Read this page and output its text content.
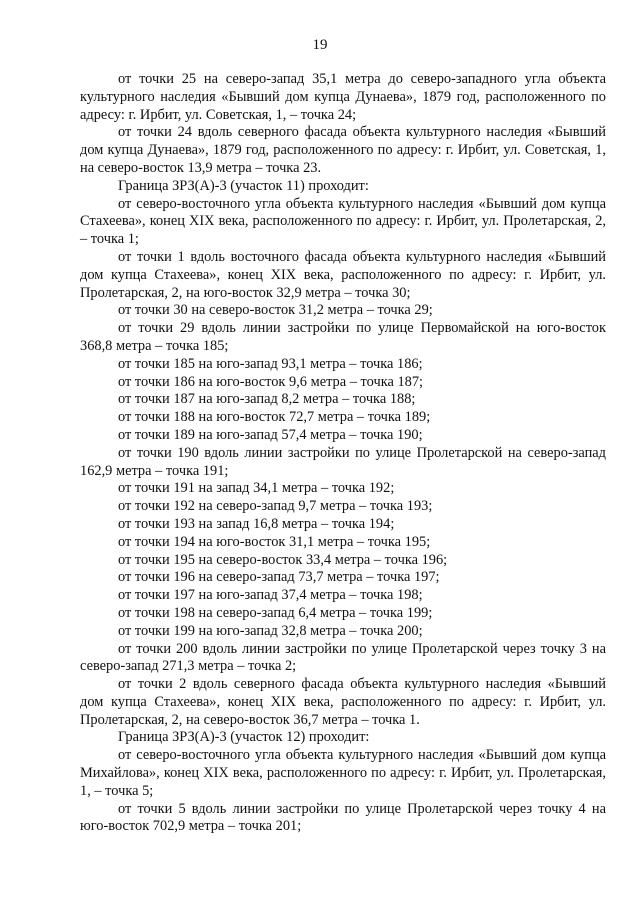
19

от точки 25 на северо-запад 35,1 метра до северо-западного угла объекта культурного наследия «Бывший дом купца Дунаева», 1879 год, расположенного по адресу: г. Ирбит, ул. Советская, 1, – точка 24;

от точки 24 вдоль северного фасада объекта культурного наследия «Бывший дом купца Дунаева», 1879 год, расположенного по адресу: г. Ирбит, ул. Советская, 1, на северо-восток 13,9 метра – точка 23.

Граница ЗРЗ(А)-3 (участок 11) проходит:

от северо-восточного угла объекта культурного наследия «Бывший дом купца Стахеева», конец XIX века, расположенного по адресу: г. Ирбит, ул. Пролетарская, 2, – точка 1;

от точки 1 вдоль восточного фасада объекта культурного наследия «Бывший дом купца Стахеева», конец XIX века, расположенного по адресу: г. Ирбит, ул. Пролетарская, 2, на юго-восток 32,9 метра – точка 30;

от точки 30 на северо-восток 31,2 метра – точка 29;

от точки 29 вдоль линии застройки по улице Первомайской на юго-восток 368,8 метра – точка 185;

от точки 185 на юго-запад 93,1 метра – точка 186;

от точки 186 на юго-восток 9,6 метра – точка 187;

от точки 187 на юго-запад 8,2 метра – точка 188;

от точки 188 на юго-восток 72,7 метра – точка 189;

от точки 189 на юго-запад 57,4 метра – точка 190;

от точки 190 вдоль линии застройки по улице Пролетарской на северо-запад 162,9 метра – точка 191;

от точки 191 на запад 34,1 метра – точка 192;

от точки 192 на северо-запад 9,7 метра – точка 193;

от точки 193 на запад 16,8 метра – точка 194;

от точки 194 на юго-восток 31,1 метра – точка 195;

от точки 195 на северо-восток 33,4 метра – точка 196;

от точки 196 на северо-запад 73,7 метра – точка 197;

от точки 197 на юго-запад 37,4 метра – точка 198;

от точки 198 на северо-запад 6,4 метра – точка 199;

от точки 199 на юго-запад 32,8 метра – точка 200;

от точки 200 вдоль линии застройки по улице Пролетарской через точку 3 на северо-запад 271,3 метра – точка 2;

от точки 2 вдоль северного фасада объекта культурного наследия «Бывший дом купца Стахеева», конец XIX века, расположенного по адресу: г. Ирбит, ул. Пролетарская, 2, на северо-восток 36,7 метра – точка 1.

Граница ЗРЗ(А)-3 (участок 12) проходит:

от северо-восточного угла объекта культурного наследия «Бывший дом купца Михайлова», конец XIX века, расположенного по адресу: г. Ирбит, ул. Пролетарская, 1, – точка 5;

от точки 5 вдоль линии застройки по улице Пролетарской через точку 4 на юго-восток 702,9 метра – точка 201;
